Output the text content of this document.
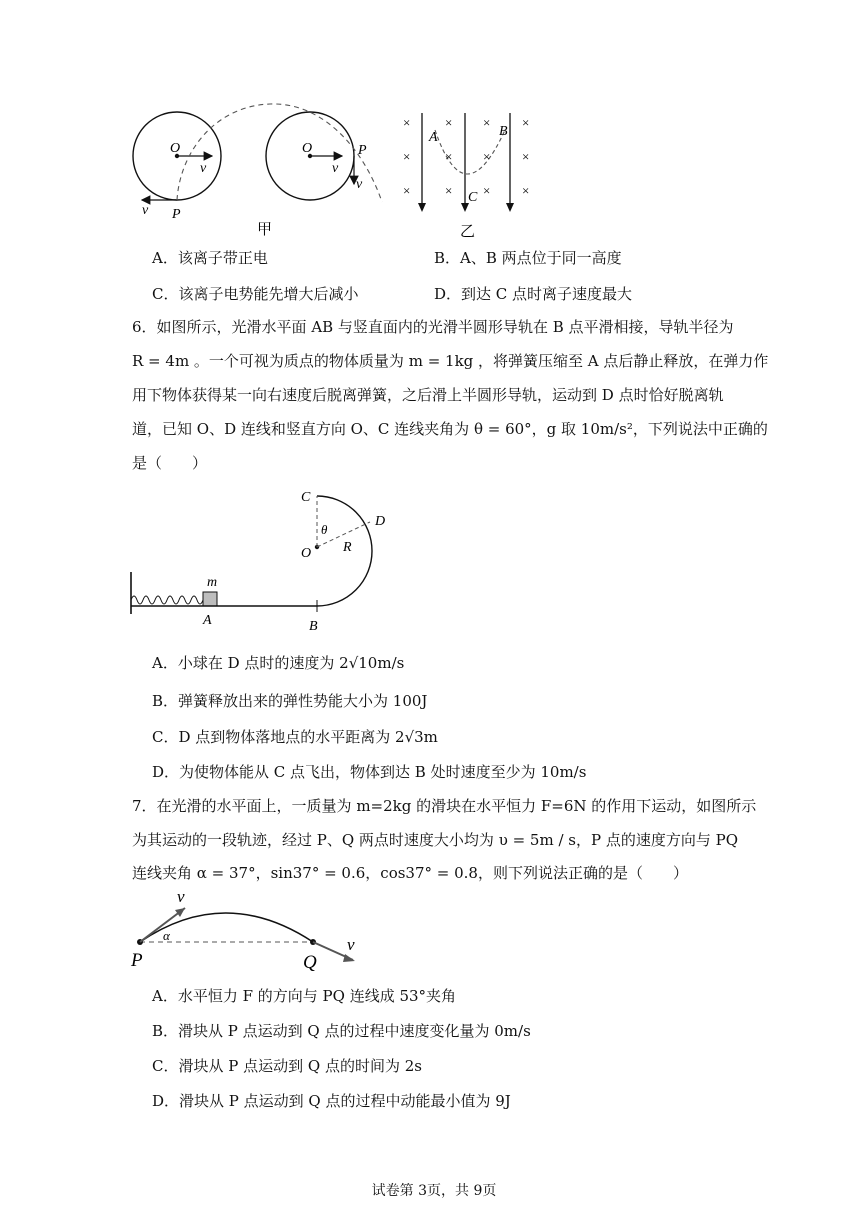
O
v
P
v
O
v
P
v
甲
×	× × ×
×	× × ×
×	× × ×
A	B
C
乙
A．该离子带正电	B．A、B 两点位于同一高度
C．该离子电势能先增大后减小	D．到达 C 点时离子速度最大
6．如图所示，光滑水平面 AB 与竖直面内的光滑半圆形导轨在 B 点平滑相接，导轨半径为
R = 4m 。一个可视为质点的物体质量为 m = 1kg ，将弹簧压缩至 A 点后静止释放，在弹力作
用下物体获得某一向右速度后脱离弹簧，之后滑上半圆形导轨，运动到 D 点时恰好脱离轨
道，已知 O、D 连线和竖直方向 O、C 连线夹角为 θ = 60°，g 取 10m/s²，下列说法中正确的
是（　　）
C
D
O R
θ
m
A	B
A．小球在 D 点时的速度为 2√10m/s
B．弹簧释放出来的弹性势能大小为 100J
C．D 点到物体落地点的水平距离为 2√3m
D．为使物体能从 C 点飞出，物体到达 B 处时速度至少为 10m/s
7．在光滑的水平面上，一质量为 m=2kg 的滑块在水平恒力 F=6N 的作用下运动，如图所示
为其运动的一段轨迹，经过 P、Q 两点时速度大小均为 υ = 5m / s，P 点的速度方向与 PQ
连线夹角 α = 37°，sin37° = 0.6，cos37° = 0.8，则下列说法正确的是（　　）
v
v
α
P	Q
A．水平恒力 F 的方向与 PQ 连线成 53°夹角
B．滑块从 P 点运动到 Q 点的过程中速度变化量为 0m/s
C．滑块从 P 点运动到 Q 点的时间为 2s
D．滑块从 P 点运动到 Q 点的过程中动能最小值为 9J
试卷第 3页，共 9页
